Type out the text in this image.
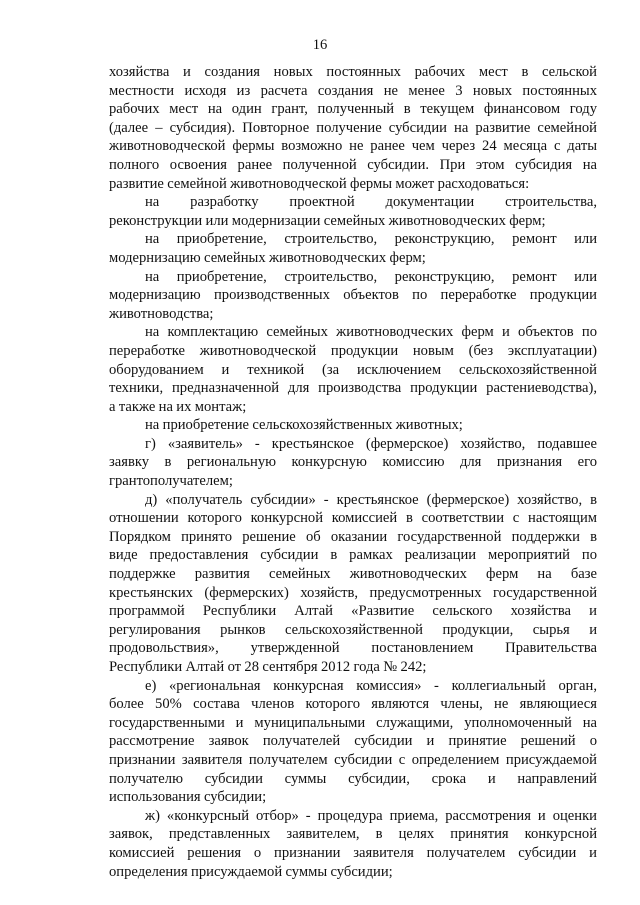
16
хозяйства и создания новых постоянных рабочих мест в сельской
местности исходя из расчета создания не менее 3 новых постоянных
рабочих мест на один грант, полученный в текущем финансовом году
(далее – субсидия). Повторное получение субсидии на развитие семейной
животноводческой фермы возможно не ранее чем через 24 месяца с даты
полного освоения ранее полученной субсидии. При этом субсидия на
развитие семейной животноводческой фермы может расходоваться:
на разработку проектной документации строительства,
реконструкции или модернизации семейных животноводческих ферм;
на приобретение, строительство, реконструкцию, ремонт или
модернизацию семейных животноводческих ферм;
на приобретение, строительство, реконструкцию, ремонт или
модернизацию производственных объектов по переработке продукции
животноводства;
на комплектацию семейных животноводческих ферм и объектов по
переработке животноводческой продукции новым (без эксплуатации)
оборудованием и техникой (за исключением сельскохозяйственной
техники, предназначенной для производства продукции растениеводства),
а также на их монтаж;
на приобретение сельскохозяйственных животных;
г) «заявитель» - крестьянское (фермерское) хозяйство, подавшее
заявку в региональную конкурсную комиссию для признания его
грантополучателем;
д) «получатель субсидии» - крестьянское (фермерское) хозяйство, в
отношении которого конкурсной комиссией в соответствии с настоящим
Порядком принято решение об оказании государственной поддержки в
виде предоставления субсидии в рамках реализации мероприятий по
поддержке развития семейных животноводческих ферм на базе
крестьянских (фермерских) хозяйств, предусмотренных государственной
программой Республики Алтай «Развитие сельского хозяйства и
регулирования рынков сельскохозяйственной продукции, сырья и
продовольствия», утвержденной постановлением Правительства
Республики Алтай от 28 сентября 2012 года № 242;
е) «региональная конкурсная комиссия» - коллегиальный орган,
более 50% состава членов которого являются члены, не являющиеся
государственными и муниципальными служащими, уполномоченный на
рассмотрение заявок получателей субсидии и принятие решений о
признании заявителя получателем субсидии с определением присуждаемой
получателю субсидии суммы субсидии, срока и направлений
использования субсидии;
ж) «конкурсный отбор» - процедура приема, рассмотрения и оценки
заявок, представленных заявителем, в целях принятия конкурсной
комиссией решения о признании заявителя получателем субсидии и
определения присуждаемой суммы субсидии;
